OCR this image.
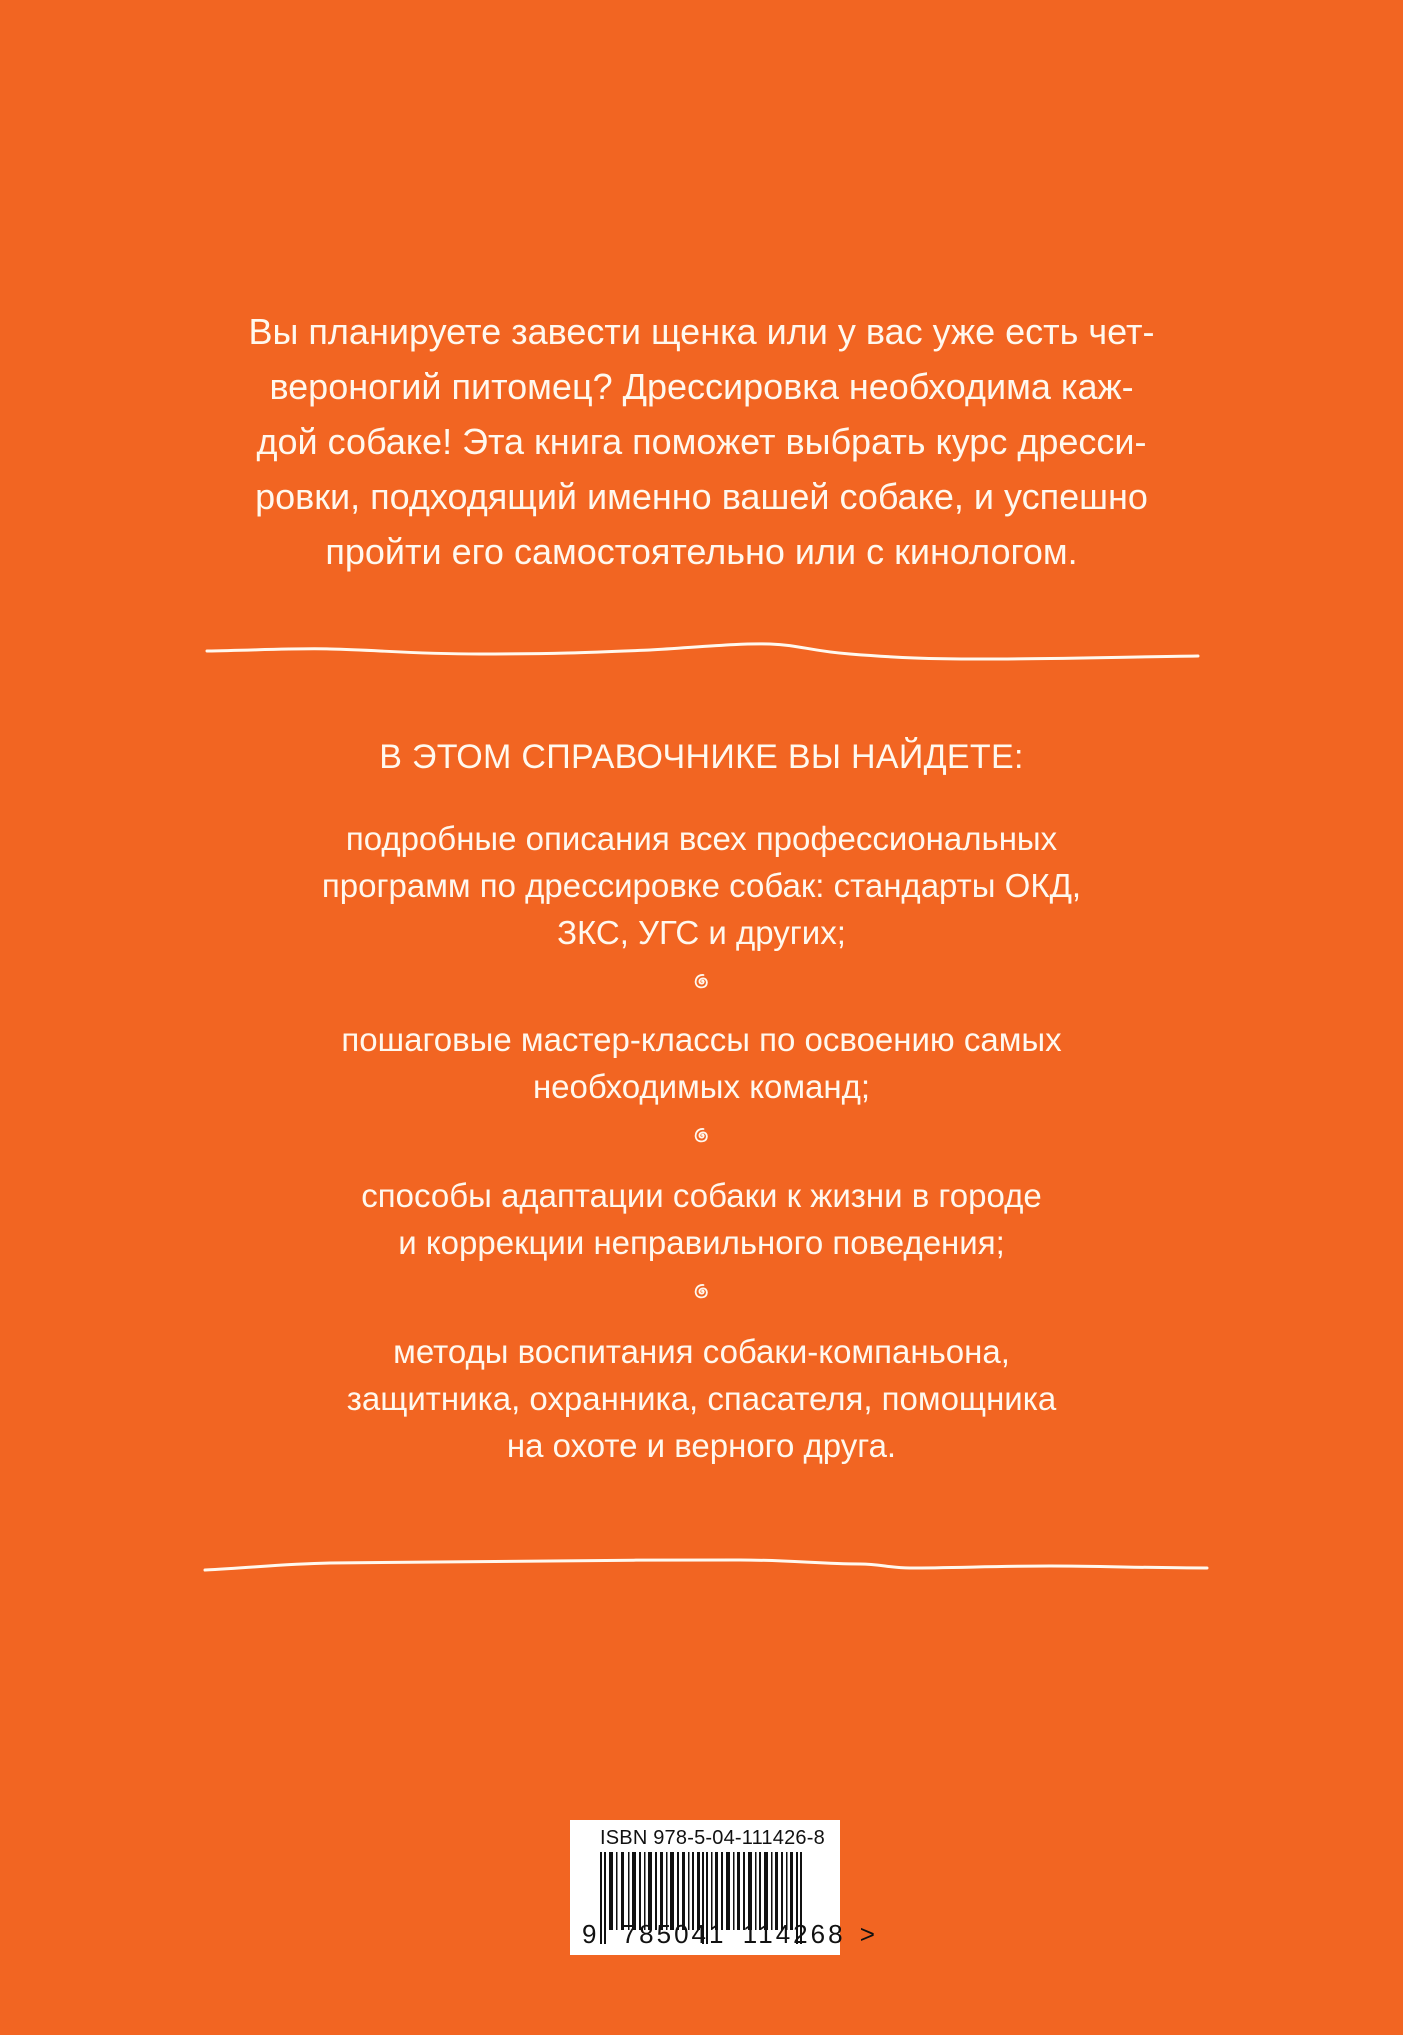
Вы планируете завести щенка или у вас уже есть чет-
вероногий питомец? Дрессировка необходима каж-
дой собаке! Эта книга поможет выбрать курс дресси-
ровки, подходящий именно вашей собаке, и успешно
пройти его самостоятельно или с кинологом.
В ЭТОМ СПРАВОЧНИКЕ ВЫ НАЙДЕТЕ:
подробные описания всех профессиональных
программ по дрессировке собак: стандарты ОКД,
ЗКС, УГС и других;
пошаговые мастер-классы по освоению самых
необходимых команд;
способы адаптации собаки к жизни в городе
и коррекции неправильного поведения;
методы воспитания собаки-компаньона,
защитника, охранника, спасателя, помощника
на охоте и верного друга.
ISBN 978-5-04-111426-8
9 785041 114268 >
